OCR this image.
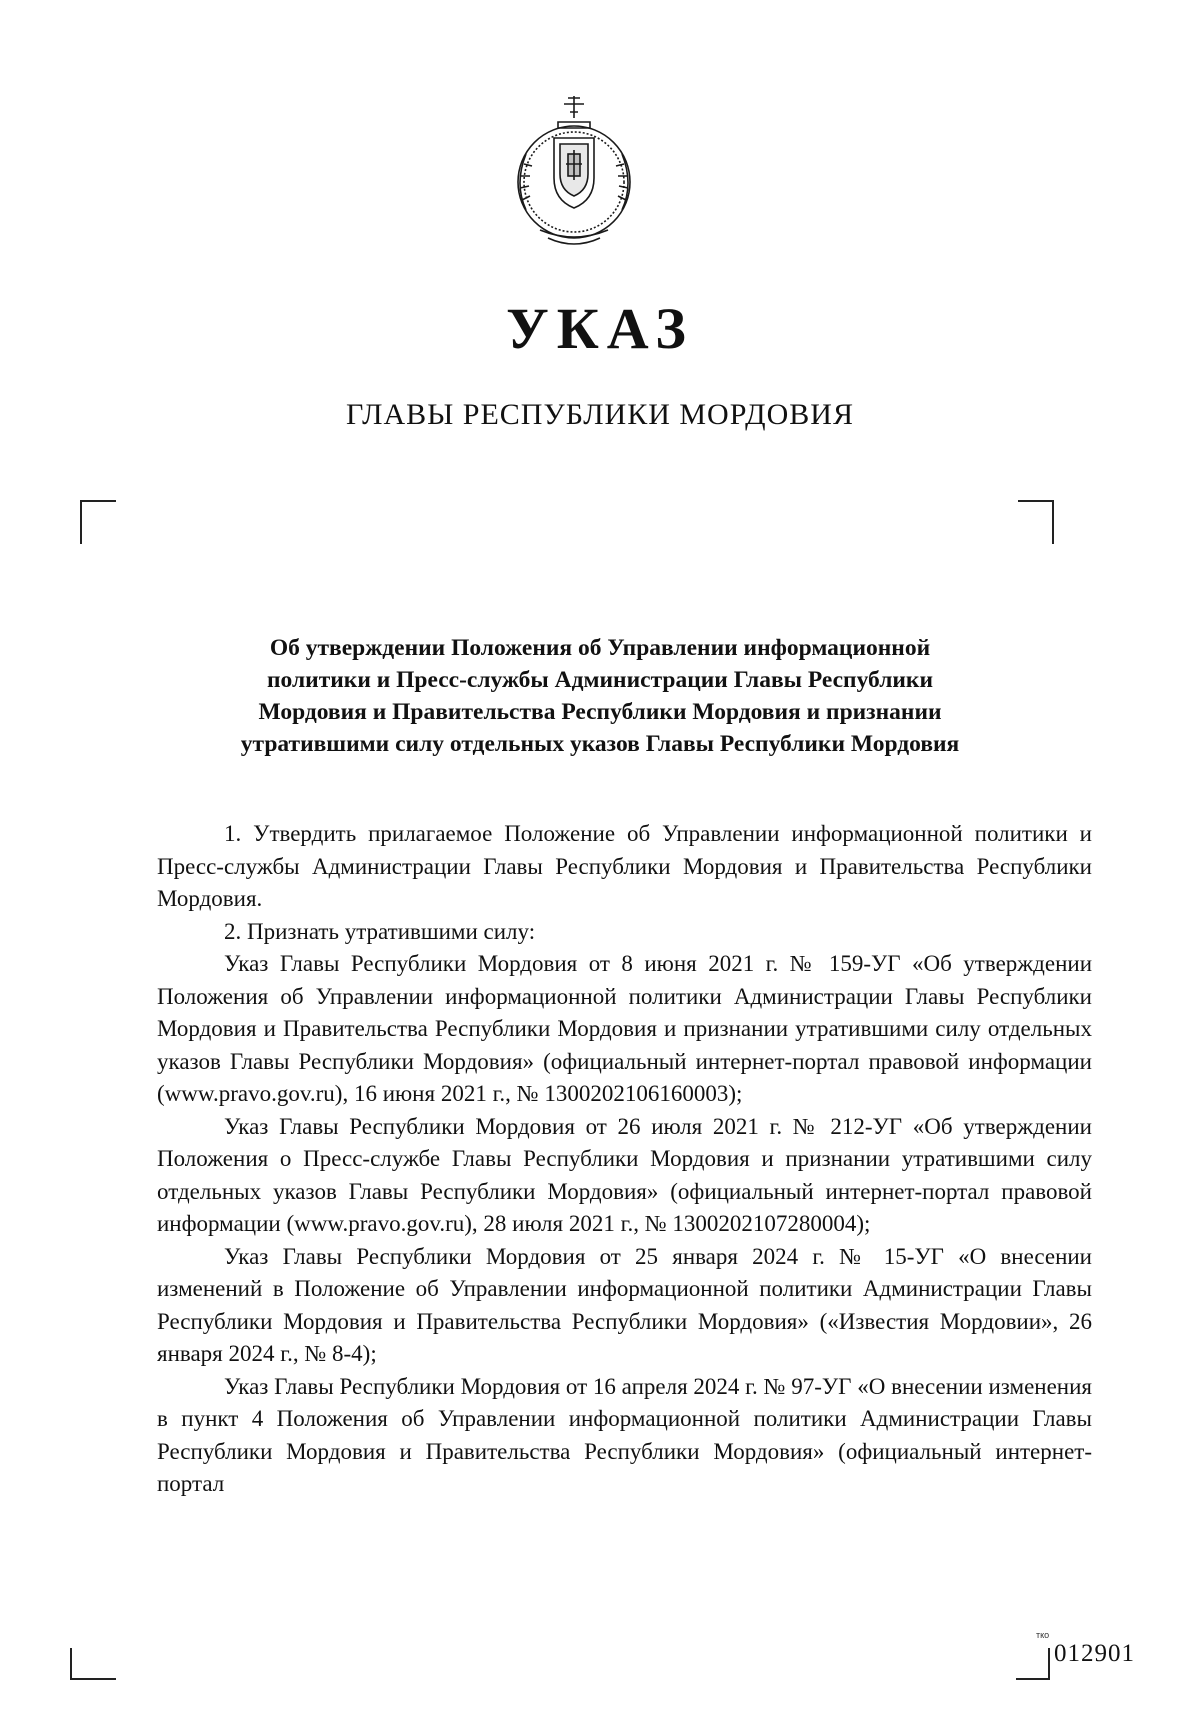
УКАЗ
ГЛАВЫ РЕСПУБЛИКИ МОРДОВИЯ
Об утверждении Положения об Управлении информационной
политики и Пресс-службы Администрации Главы Республики
Мордовия и Правительства Республики Мордовия и признании
утратившими силу отдельных указов Главы Республики Мордовия

1. Утвердить прилагаемое Положение об Управлении информационной политики и Пресс-службы Администрации Главы Республики Мордовия и Правительства Республики Мордовия.

2. Признать утратившими силу:

Указ Главы Республики Мордовия от 8 июня 2021 г. № 159-УГ «Об утверждении Положения об Управлении информационной политики Администрации Главы Республики Мордовия и Правительства Республики Мордовия и признании утратившими силу отдельных указов Главы Республики Мордовия» (официальный интернет-портал правовой информации (www.pravo.gov.ru), 16 июня 2021 г., № 1300202106160003);

Указ Главы Республики Мордовия от 26 июля 2021 г. № 212-УГ «Об утверждении Положения о Пресс-службе Главы Республики Мордовия и признании утратившими силу отдельных указов Главы Республики Мордовия» (официальный интернет-портал правовой информации (www.pravo.gov.ru), 28 июля 2021 г., № 1300202107280004);

Указ Главы Республики Мордовия от 25 января 2024 г. № 15-УГ «О внесении изменений в Положение об Управлении информационной политики Администрации Главы Республики Мордовия и Правительства Республики Мордовия» («Известия Мордовии», 26 января 2024 г., № 8-4);

Указ Главы Республики Мордовия от 16 апреля 2024 г. № 97-УГ «О внесении изменения в пункт 4 Положения об Управлении информационной политики Администрации Главы Республики Мордовия и Правительства Республики Мордовия» (официальный интернет-портал

тко
012901
